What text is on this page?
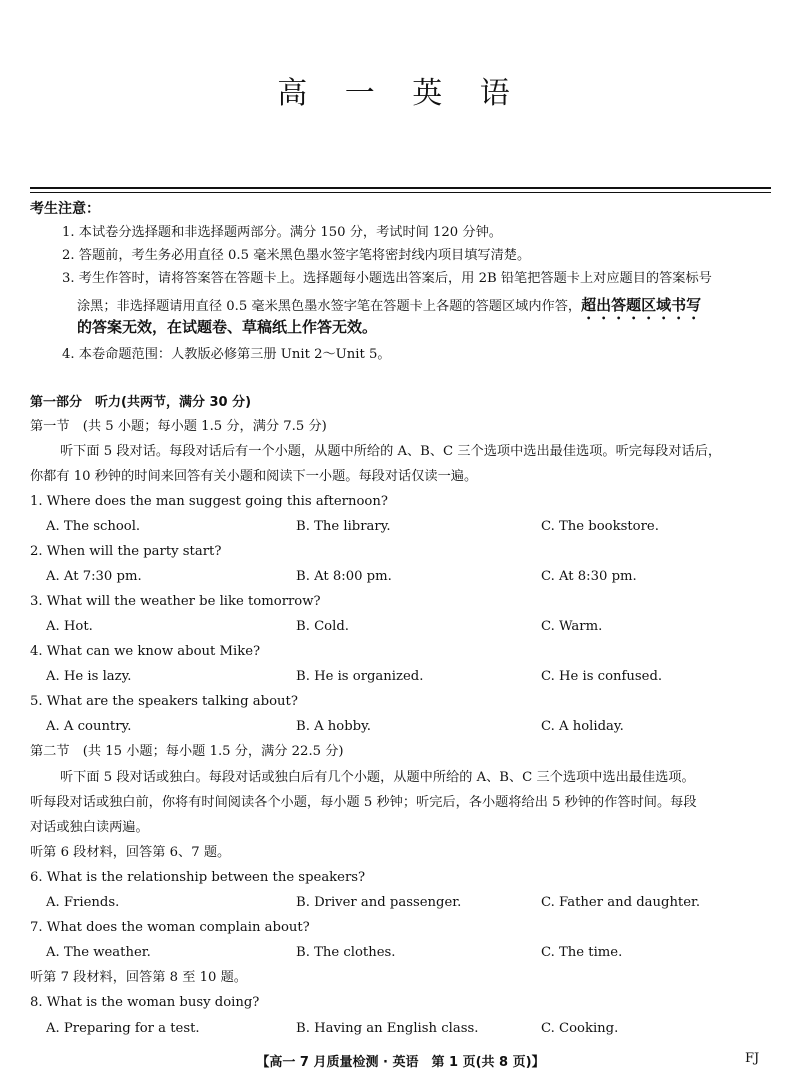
高 一 英 语
考生注意：
1. 本试卷分选择题和非选择题两部分。满分 150 分，考试时间 120 分钟。
2. 答题前，考生务必用直径 0.5 毫米黑色墨水签字笔将密封线内项目填写清楚。
3. 考生作答时，请将答案答在答题卡上。选择题每小题选出答案后，用 2B 铅笔把答题卡上对应题目的答案标号
涂黑；非选择题请用直径 0.5 毫米黑色墨水签字笔在答题卡上各题的答题区域内作答，超出答题区域书写
的答案无效，在试题卷、草稿纸上作答无效。
4. 本卷命题范围：人教版必修第三册 Unit 2～Unit 5。
第一部分　听力(共两节，满分 30 分)
第一节　(共 5 小题；每小题 1.5 分，满分 7.5 分)
听下面 5 段对话。每段对话后有一个小题，从题中所给的 A、B、C 三个选项中选出最佳选项。听完每段对话后，
你都有 10 秒钟的时间来回答有关小题和阅读下一小题。每段对话仅读一遍。
1. Where does the man suggest going this afternoon?
A. The school.	B. The library.	C. The bookstore.
2. When will the party start?
A. At 7:30 pm.	B. At 8:00 pm.	C. At 8:30 pm.
3. What will the weather be like tomorrow?
A. Hot.	B. Cold.	C. Warm.
4. What can we know about Mike?
A. He is lazy.	B. He is organized.	C. He is confused.
5. What are the speakers talking about?
A. A country.	B. A hobby.	C. A holiday.
第二节　(共 15 小题；每小题 1.5 分，满分 22.5 分)
听下面 5 段对话或独白。每段对话或独白后有几个小题，从题中所给的 A、B、C 三个选项中选出最佳选项。
听每段对话或独白前，你将有时间阅读各个小题，每小题 5 秒钟；听完后，各小题将给出 5 秒钟的作答时间。每段
对话或独白读两遍。
听第 6 段材料，回答第 6、7 题。
6. What is the relationship between the speakers?
A. Friends.	B. Driver and passenger.	C. Father and daughter.
7. What does the woman complain about?
A. The weather.	B. The clothes.	C. The time.
听第 7 段材料，回答第 8 至 10 题。
8. What is the woman busy doing?
A. Preparing for a test.	B. Having an English class.	C. Cooking.
【高一 7 月质量检测 · 英语　第 1 页(共 8 页)】	FJ
